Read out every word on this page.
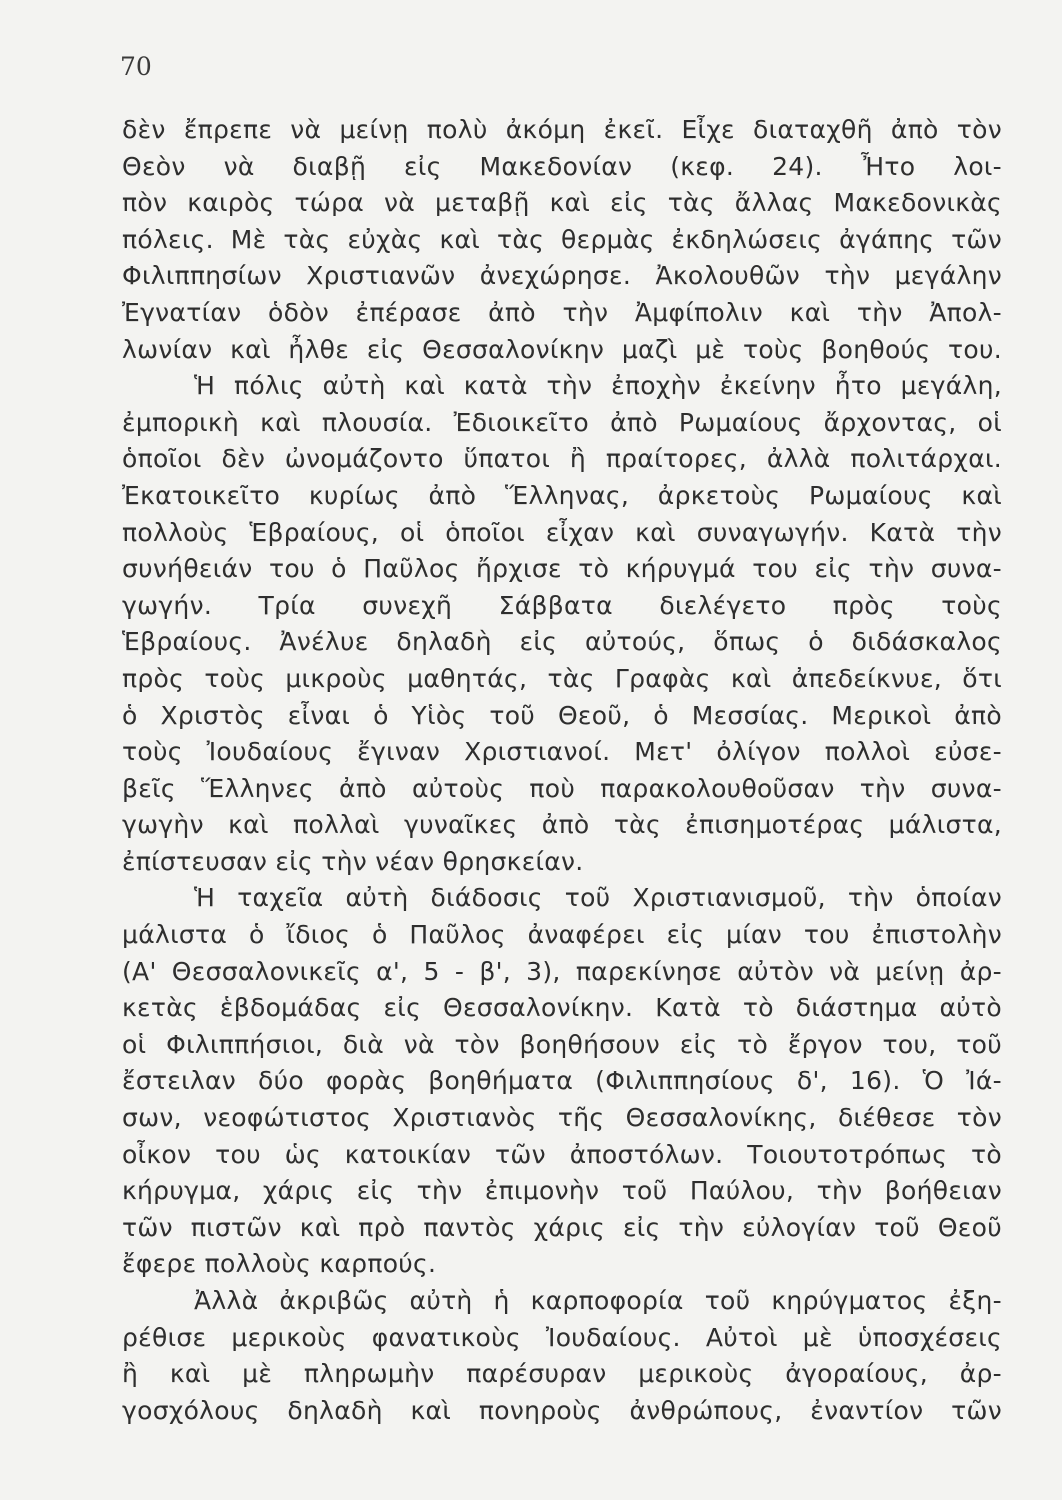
70
δὲν ἔπρεπε νὰ μείνῃ πολὺ ἀκόμη ἐκεῖ. Εἶχε διαταχθῆ ἀπὸ τὸν
Θεὸν νὰ διαβῇ εἰς Μακεδονίαν (κεφ. 24). Ἦτο λοι-
πὸν καιρὸς τώρα νὰ μεταβῇ καὶ εἰς τὰς ἄλλας Μακεδονικὰς
πόλεις. Μὲ τὰς εὐχὰς καὶ τὰς θερμὰς ἐκδηλώσεις ἀγάπης τῶν
Φιλιππησίων Χριστιανῶν ἀνεχώρησε. Ἀκολουθῶν τὴν μεγάλην
Ἐγνατίαν ὁδὸν ἐπέρασε ἀπὸ τὴν Ἀμφίπολιν καὶ τὴν Ἀπολ-
λωνίαν καὶ ἦλθε εἰς Θεσσαλονίκην μαζὶ μὲ τοὺς βοηθούς του.
Ἡ πόλις αὐτὴ καὶ κατὰ τὴν ἐποχὴν ἐκείνην ἦτο μεγάλη,
ἐμπορικὴ καὶ πλουσία. Ἐδιοικεῖτο ἀπὸ Ρωμαίους ἄρχοντας, οἱ
ὁποῖοι δὲν ὠνομάζοντο ὕπατοι ἢ πραίτορες, ἀλλὰ πολιτάρχαι.
Ἐκατοικεῖτο κυρίως ἀπὸ Ἕλληνας, ἀρκετοὺς Ρωμαίους καὶ
πολλοὺς Ἑβραίους, οἱ ὁποῖοι εἶχαν καὶ συναγωγήν. Κατὰ τὴν
συνήθειάν του ὁ Παῦλος ἤρχισε τὸ κήρυγμά του εἰς τὴν συνα-
γωγήν. Τρία συνεχῆ Σάββατα διελέγετο πρὸς τοὺς
Ἑβραίους. Ἀνέλυε δηλαδὴ εἰς αὐτούς, ὅπως ὁ διδάσκαλος
πρὸς τοὺς μικροὺς μαθητάς, τὰς Γραφὰς καὶ ἀπεδείκνυε, ὅτι
ὁ Χριστὸς εἶναι ὁ Υἱὸς τοῦ Θεοῦ, ὁ Μεσσίας. Μερικοὶ ἀπὸ
τοὺς Ἰουδαίους ἔγιναν Χριστιανοί. Μετ' ὀλίγον πολλοὶ εὐσε-
βεῖς Ἕλληνες ἀπὸ αὐτοὺς ποὺ παρακολουθοῦσαν τὴν συνα-
γωγὴν καὶ πολλαὶ γυναῖκες ἀπὸ τὰς ἐπισημοτέρας μάλιστα,
ἐπίστευσαν εἰς τὴν νέαν θρησκείαν.
Ἡ ταχεῖα αὐτὴ διάδοσις τοῦ Χριστιανισμοῦ, τὴν ὁποίαν
μάλιστα ὁ ἴδιος ὁ Παῦλος ἀναφέρει εἰς μίαν του ἐπιστολὴν
(Α' Θεσσαλονικεῖς α', 5 - β', 3), παρεκίνησε αὐτὸν νὰ μείνῃ ἀρ-
κετὰς ἑβδομάδας εἰς Θεσσαλονίκην. Κατὰ τὸ διάστημα αὐτὸ
οἱ Φιλιππήσιοι, διὰ νὰ τὸν βοηθήσουν εἰς τὸ ἔργον του, τοῦ
ἔστειλαν δύο φορὰς βοηθήματα (Φιλιππησίους δ', 16). Ὁ Ἰά-
σων, νεοφώτιστος Χριστιανὸς τῆς Θεσσαλονίκης, διέθεσε τὸν
οἶκον του ὡς κατοικίαν τῶν ἀποστόλων. Τοιουτοτρόπως τὸ
κήρυγμα, χάρις εἰς τὴν ἐπιμονὴν τοῦ Παύλου, τὴν βοήθειαν
τῶν πιστῶν καὶ πρὸ παντὸς χάρις εἰς τὴν εὐλογίαν τοῦ Θεοῦ
ἔφερε πολλοὺς καρπούς.
Ἀλλὰ ἀκριβῶς αὐτὴ ἡ καρποφορία τοῦ κηρύγματος ἐξη-
ρέθισε μερικοὺς φανατικοὺς Ἰουδαίους. Αὐτοὶ μὲ ὑποσχέσεις
ἢ καὶ μὲ πληρωμὴν παρέσυραν μερικοὺς ἀγοραίους, ἀρ-
γοσχόλους δηλαδὴ καὶ πονηροὺς ἀνθρώπους, ἐναντίον τῶν
